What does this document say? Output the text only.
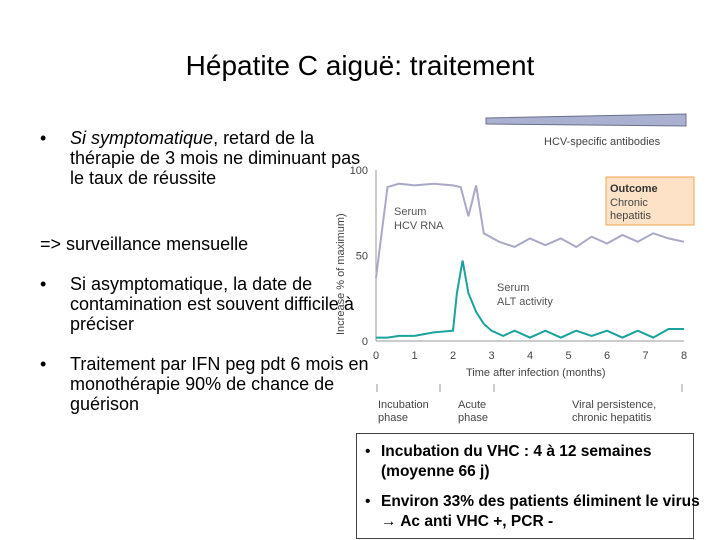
Hépatite C aiguë: traitement
• Si symptomatique, retard de la thérapie de 3 mois ne diminuant pas le taux de réussite
=> surveillance mensuelle
• Si asymptomatique, la date de contamination est souvent difficile à préciser
• Traitement par IFN peg pdt 6 mois en monothérapie 90% de chance de guérison
HCV-specific antibodies
Increase % of maximum)
0
50
100
0	1	2	3	4	5	6	7	8
Time after infection (months)
Serum
HCV RNA
Serum
ALT activity
Outcome
Chronic
hepatitis
Incubation
phase
Acute
phase
Viral persistence,
chronic hepatitis
• Incubation du VHC : 4 à 12 semaines (moyenne 66 j)
• Environ 33% des patients éliminent le virus → Ac anti VHC +, PCR -
